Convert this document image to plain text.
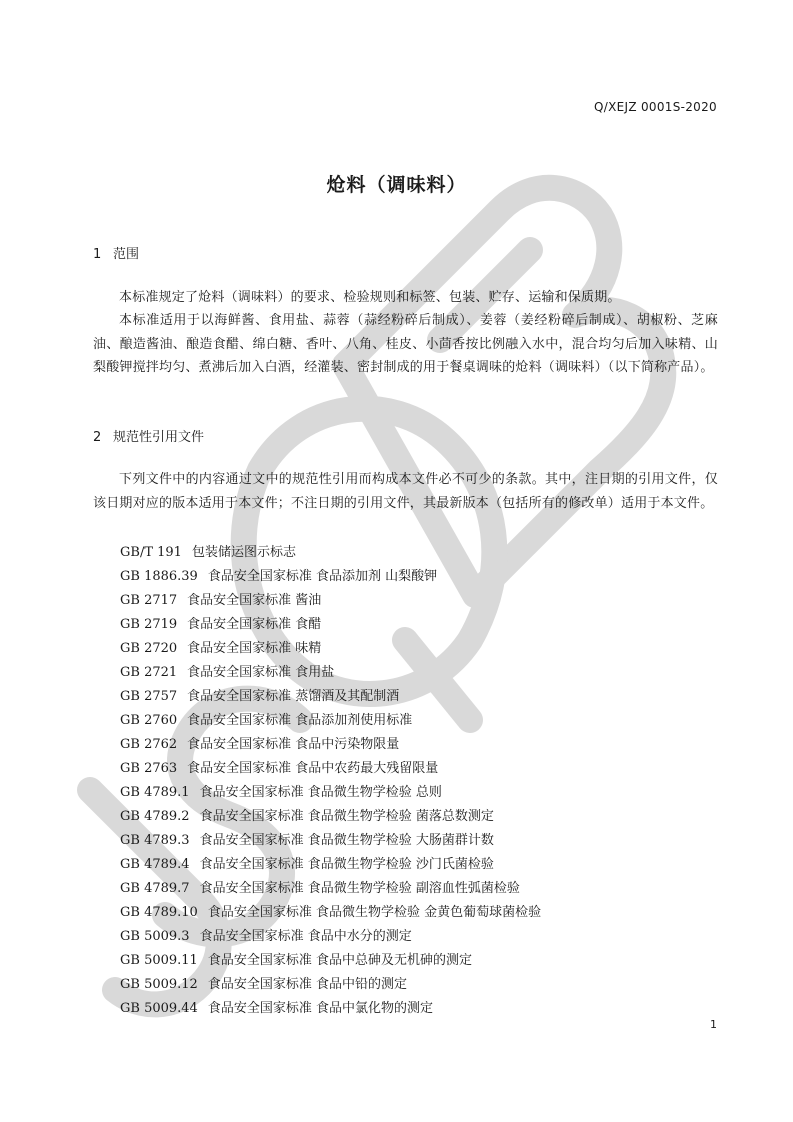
Q/XEJZ 0001S-2020
炝料（调味料）
1 范围
本标准规定了炝料（调味料）的要求、检验规则和标签、包装、贮存、运输和保质期。
本标准适用于以海鲜酱、食用盐、蒜蓉（蒜经粉碎后制成）、姜蓉（姜经粉碎后制成）、胡椒粉、芝麻油、酿造酱油、酿造食醋、绵白糖、香叶、八角、桂皮、小茴香按比例融入水中，混合均匀后加入味精、山梨酸钾搅拌均匀、煮沸后加入白酒，经灌装、密封制成的用于餐桌调味的炝料（调味料）（以下简称产品）。
2 规范性引用文件
下列文件中的内容通过文中的规范性引用而构成本文件必不可少的条款。其中，注日期的引用文件，仅该日期对应的版本适用于本文件；不注日期的引用文件，其最新版本（包括所有的修改单）适用于本文件。
GB/T 191 包装储运图示标志
GB 1886.39 食品安全国家标准 食品添加剂 山梨酸钾
GB 2717 食品安全国家标准 酱油
GB 2719 食品安全国家标准 食醋
GB 2720 食品安全国家标准 味精
GB 2721 食品安全国家标准 食用盐
GB 2757 食品安全国家标准 蒸馏酒及其配制酒
GB 2760 食品安全国家标准 食品添加剂使用标准
GB 2762 食品安全国家标准 食品中污染物限量
GB 2763 食品安全国家标准 食品中农药最大残留限量
GB 4789.1 食品安全国家标准 食品微生物学检验 总则
GB 4789.2 食品安全国家标准 食品微生物学检验 菌落总数测定
GB 4789.3 食品安全国家标准 食品微生物学检验 大肠菌群计数
GB 4789.4 食品安全国家标准 食品微生物学检验 沙门氏菌检验
GB 4789.7 食品安全国家标准 食品微生物学检验 副溶血性弧菌检验
GB 4789.10 食品安全国家标准 食品微生物学检验 金黄色葡萄球菌检验
GB 5009.3 食品安全国家标准 食品中水分的测定
GB 5009.11 食品安全国家标准 食品中总砷及无机砷的测定
GB 5009.12 食品安全国家标准 食品中铅的测定
GB 5009.44 食品安全国家标准 食品中氯化物的测定
1
